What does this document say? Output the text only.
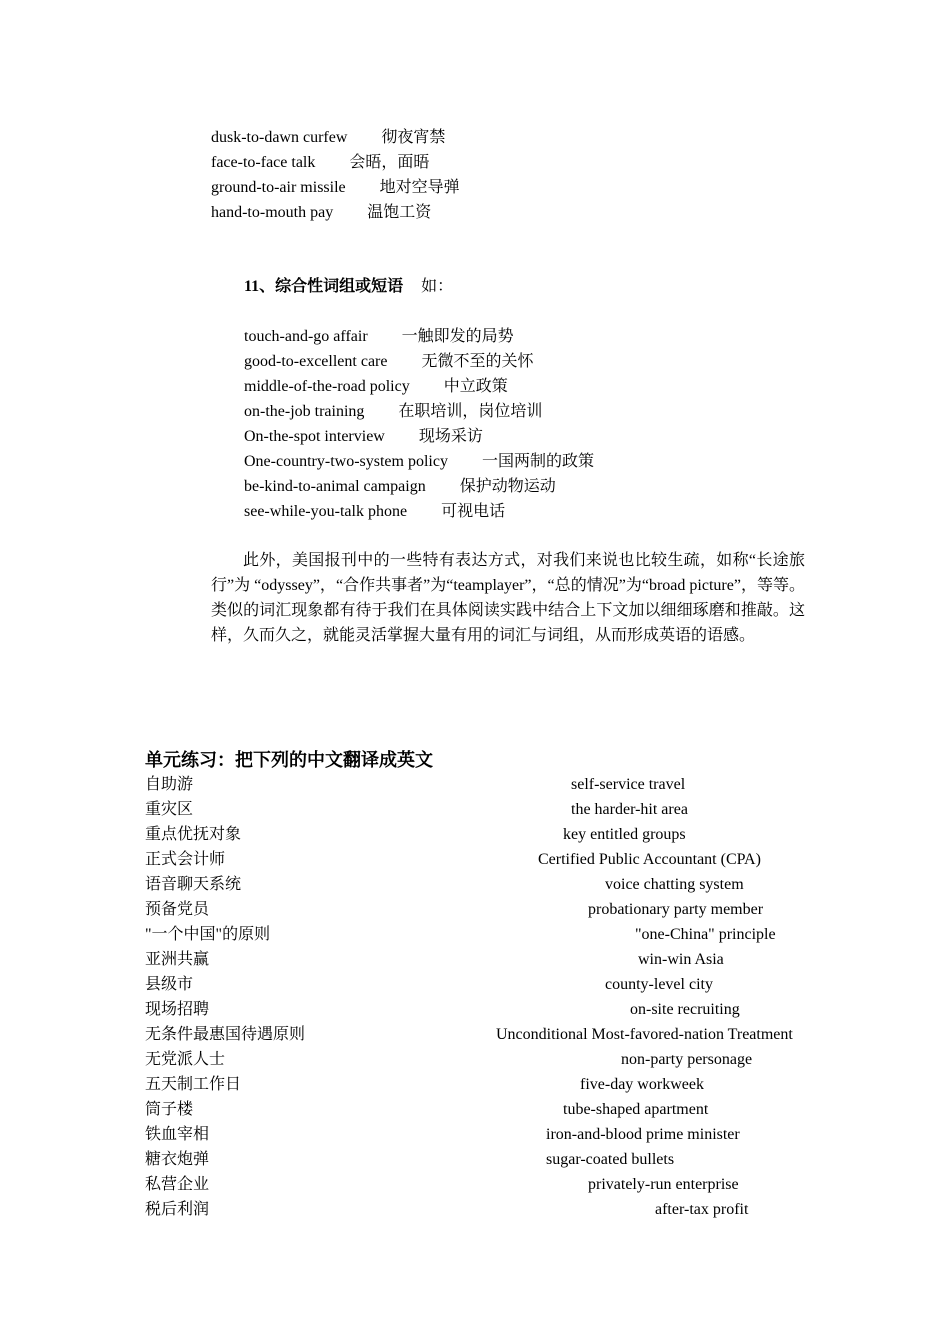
dusk-to-dawn curfew 彻夜宵禁
face-to-face talk 会晤，面晤
ground-to-air missile 地对空导弹
hand-to-mouth pay 温饱工资
11、综合性词组或短语 如：
touch-and-go affair 一触即发的局势
good-to-excellent care 无微不至的关怀
middle-of-the-road policy 中立政策
on-the-job training 在职培训，岗位培训
On-the-spot interview 现场采访
One-country-two-system policy 一国两制的政策
be-kind-to-animal campaign 保护动物运动
see-while-you-talk phone 可视电话
此外，美国报刊中的一些特有表达方式，对我们来说也比较生疏，如称“长途旅行”为 “odyssey”，“合作共事者”为“teamplayer”，“总的情况”为“broad picture”，等等。类似的词汇现象都有待于我们在具体阅读实践中结合上下文加以细细琢磨和推敲。这样，久而久之，就能灵活掌握大量有用的词汇与词组，从而形成英语的语感。
单元练习：把下列的中文翻译成英文
自助游	self-service travel
重灾区	the harder-hit area
重点优抚对象	key entitled groups
正式会计师	Certified Public Accountant (CPA)
语音聊天系统	voice chatting system
预备党员	probationary party member
"一个中国"的原则	"one-China" principle
亚洲共赢	win-win Asia
县级市	county-level city
现场招聘	on-site recruiting
无条件最惠国待遇原则	Unconditional Most-favored-nation Treatment
无党派人士	non-party personage
五天制工作日	five-day workweek
筒子楼	tube-shaped apartment
铁血宰相	iron-and-blood prime minister
糖衣炮弹	sugar-coated bullets
私营企业	privately-run enterprise
税后利润	after-tax profit
